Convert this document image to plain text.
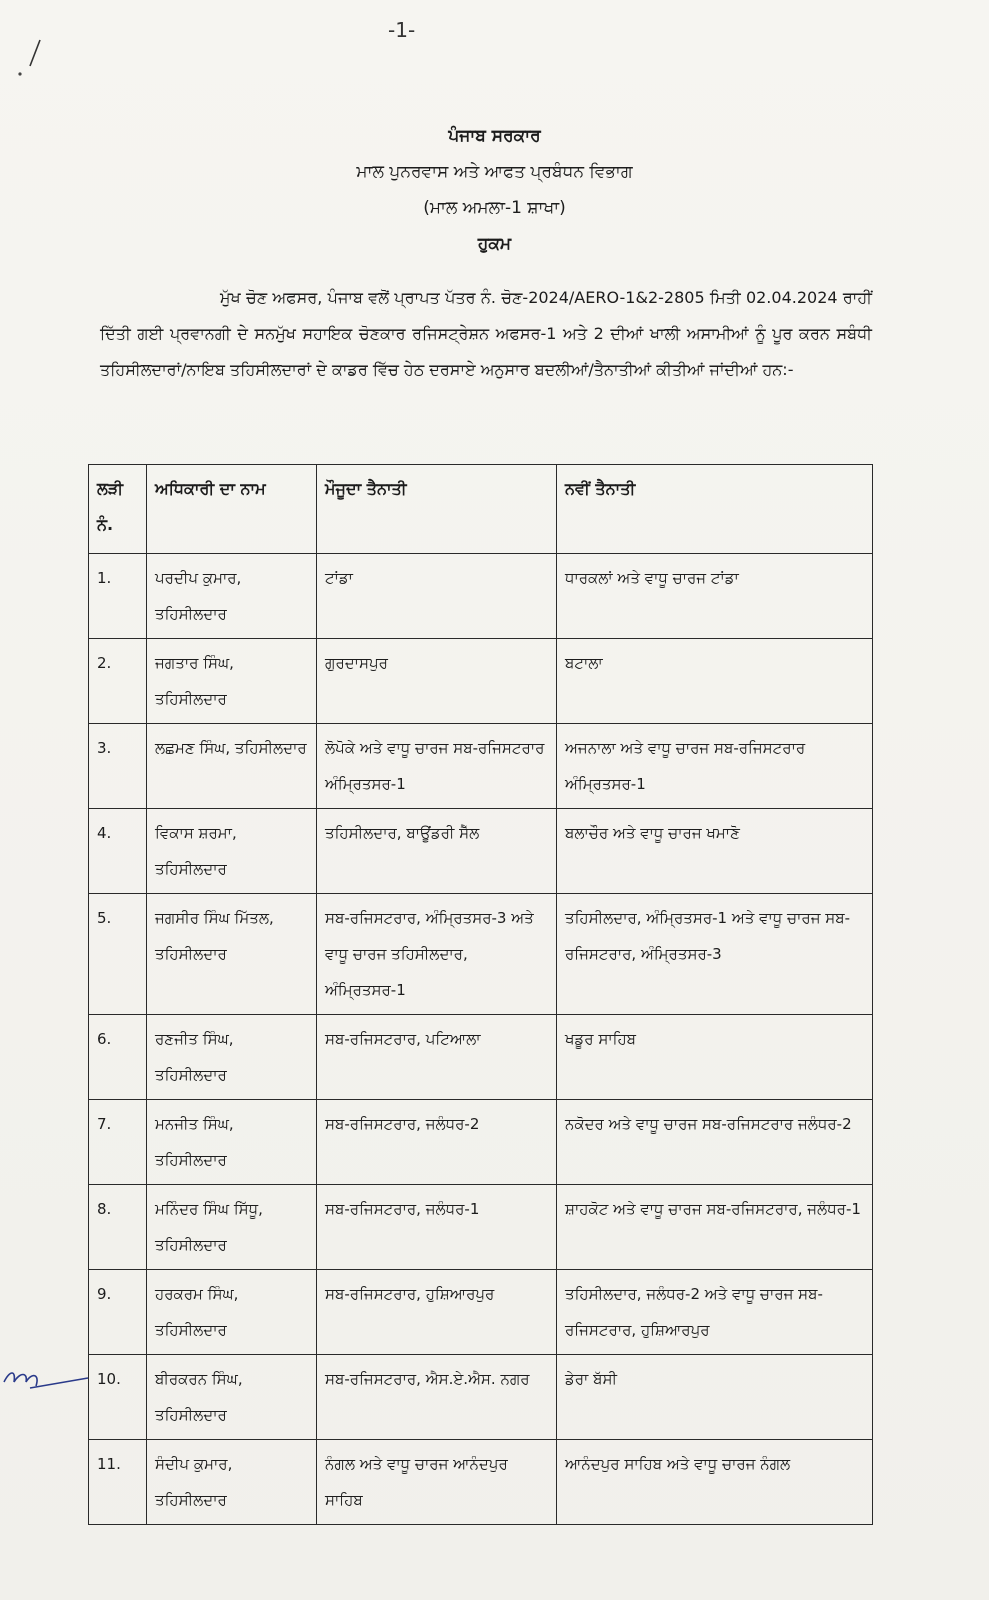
-1-
ਪੰਜਾਬ ਸਰਕਾਰ
ਮਾਲ ਪੁਨਰਵਾਸ ਅਤੇ ਆਫਤ ਪ੍ਰਬੰਧਨ ਵਿਭਾਗ
(ਮਾਲ ਅਮਲਾ-1 ਸ਼ਾਖਾ)
ਹੁਕਮ
ਮੁੱਖ ਚੋਣ ਅਫਸਰ, ਪੰਜਾਬ ਵਲੋਂ ਪ੍ਰਾਪਤ ਪੱਤਰ ਨੰ. ਚੋਣ-2024/AERO-1&2-2805 ਮਿਤੀ 02.04.2024 ਰਾਹੀਂ ਦਿੱਤੀ ਗਈ ਪ੍ਰਵਾਨਗੀ ਦੇ ਸਨਮੁੱਖ ਸਹਾਇਕ ਚੋਣਕਾਰ ਰਜਿਸਟ੍ਰੇਸ਼ਨ ਅਫਸਰ-1 ਅਤੇ 2 ਦੀਆਂ ਖਾਲੀ ਅਸਾਮੀਆਂ ਨੂੰ ਪੂਰ ਕਰਨ ਸਬੰਧੀ ਤਹਿਸੀਲਦਾਰਾਂ/ਨਾਇਬ ਤਹਿਸੀਲਦਾਰਾਂ ਦੇ ਕਾਡਰ ਵਿੱਚ ਹੇਠ ਦਰਸਾਏ ਅਨੁਸਾਰ ਬਦਲੀਆਂ/ਤੈਨਾਤੀਆਂ ਕੀਤੀਆਂ ਜਾਂਦੀਆਂ ਹਨ:-
ਲੜੀ ਨੰ.	ਅਧਿਕਾਰੀ ਦਾ ਨਾਮ	ਮੌਜੂਦਾ ਤੈਨਾਤੀ	ਨਵੀਂ ਤੈਨਾਤੀ
1.	ਪਰਦੀਪ ਕੁਮਾਰ, ਤਹਿਸੀਲਦਾਰ	ਟਾਂਡਾ	ਧਾਰਕਲਾਂ ਅਤੇ ਵਾਧੂ ਚਾਰਜ ਟਾਂਡਾ
2.	ਜਗਤਾਰ ਸਿੰਘ, ਤਹਿਸੀਲਦਾਰ	ਗੁਰਦਾਸਪੁਰ	ਬਟਾਲਾ
3.	ਲਛਮਣ ਸਿੰਘ, ਤਹਿਸੀਲਦਾਰ	ਲੋਪੋਕੇ ਅਤੇ ਵਾਧੂ ਚਾਰਜ ਸਬ-ਰਜਿਸਟਰਾਰ ਅੰਮ੍ਰਿਤਸਰ-1	ਅਜਨਾਲਾ ਅਤੇ ਵਾਧੂ ਚਾਰਜ ਸਬ-ਰਜਿਸਟਰਾਰ ਅੰਮ੍ਰਿਤਸਰ-1
4.	ਵਿਕਾਸ ਸ਼ਰਮਾ, ਤਹਿਸੀਲਦਾਰ	ਤਹਿਸੀਲਦਾਰ, ਬਾਊਂਡਰੀ ਸੈੱਲ	ਬਲਾਚੌਰ ਅਤੇ ਵਾਧੂ ਚਾਰਜ ਖਮਾਣੋ
5.	ਜਗਸੀਰ ਸਿੰਘ ਮਿੱਤਲ, ਤਹਿਸੀਲਦਾਰ	ਸਬ-ਰਜਿਸਟਰਾਰ, ਅੰਮ੍ਰਿਤਸਰ-3 ਅਤੇ ਵਾਧੂ ਚਾਰਜ ਤਹਿਸੀਲਦਾਰ, ਅੰਮ੍ਰਿਤਸਰ-1	ਤਹਿਸੀਲਦਾਰ, ਅੰਮ੍ਰਿਤਸਰ-1 ਅਤੇ ਵਾਧੂ ਚਾਰਜ ਸਬ-ਰਜਿਸਟਰਾਰ, ਅੰਮ੍ਰਿਤਸਰ-3
6.	ਰਣਜੀਤ ਸਿੰਘ, ਤਹਿਸੀਲਦਾਰ	ਸਬ-ਰਜਿਸਟਰਾਰ, ਪਟਿਆਲਾ	ਖਡੂਰ ਸਾਹਿਬ
7.	ਮਨਜੀਤ ਸਿੰਘ, ਤਹਿਸੀਲਦਾਰ	ਸਬ-ਰਜਿਸਟਰਾਰ, ਜਲੰਧਰ-2	ਨਕੋਦਰ ਅਤੇ ਵਾਧੂ ਚਾਰਜ ਸਬ-ਰਜਿਸਟਰਾਰ ਜਲੰਧਰ-2
8.	ਮਨਿੰਦਰ ਸਿੰਘ ਸਿੱਧੂ, ਤਹਿਸੀਲਦਾਰ	ਸਬ-ਰਜਿਸਟਰਾਰ, ਜਲੰਧਰ-1	ਸ਼ਾਹਕੋਟ ਅਤੇ ਵਾਧੂ ਚਾਰਜ ਸਬ-ਰਜਿਸਟਰਾਰ, ਜਲੰਧਰ-1
9.	ਹਰਕਰਮ ਸਿੰਘ, ਤਹਿਸੀਲਦਾਰ	ਸਬ-ਰਜਿਸਟਰਾਰ, ਹੁਸ਼ਿਆਰਪੁਰ	ਤਹਿਸੀਲਦਾਰ, ਜਲੰਧਰ-2 ਅਤੇ ਵਾਧੂ ਚਾਰਜ ਸਬ-ਰਜਿਸਟਰਾਰ, ਹੁਸ਼ਿਆਰਪੁਰ
10.	ਬੀਰਕਰਨ ਸਿੰਘ, ਤਹਿਸੀਲਦਾਰ	ਸਬ-ਰਜਿਸਟਰਾਰ, ਐਸ.ਏ.ਐਸ. ਨਗਰ	ਡੇਰਾ ਬੱਸੀ
11.	ਸੰਦੀਪ ਕੁਮਾਰ, ਤਹਿਸੀਲਦਾਰ	ਨੰਗਲ ਅਤੇ ਵਾਧੂ ਚਾਰਜ ਆਨੰਦਪੁਰ ਸਾਹਿਬ	ਆਨੰਦਪੁਰ ਸਾਹਿਬ ਅਤੇ ਵਾਧੂ ਚਾਰਜ ਨੰਗਲ
